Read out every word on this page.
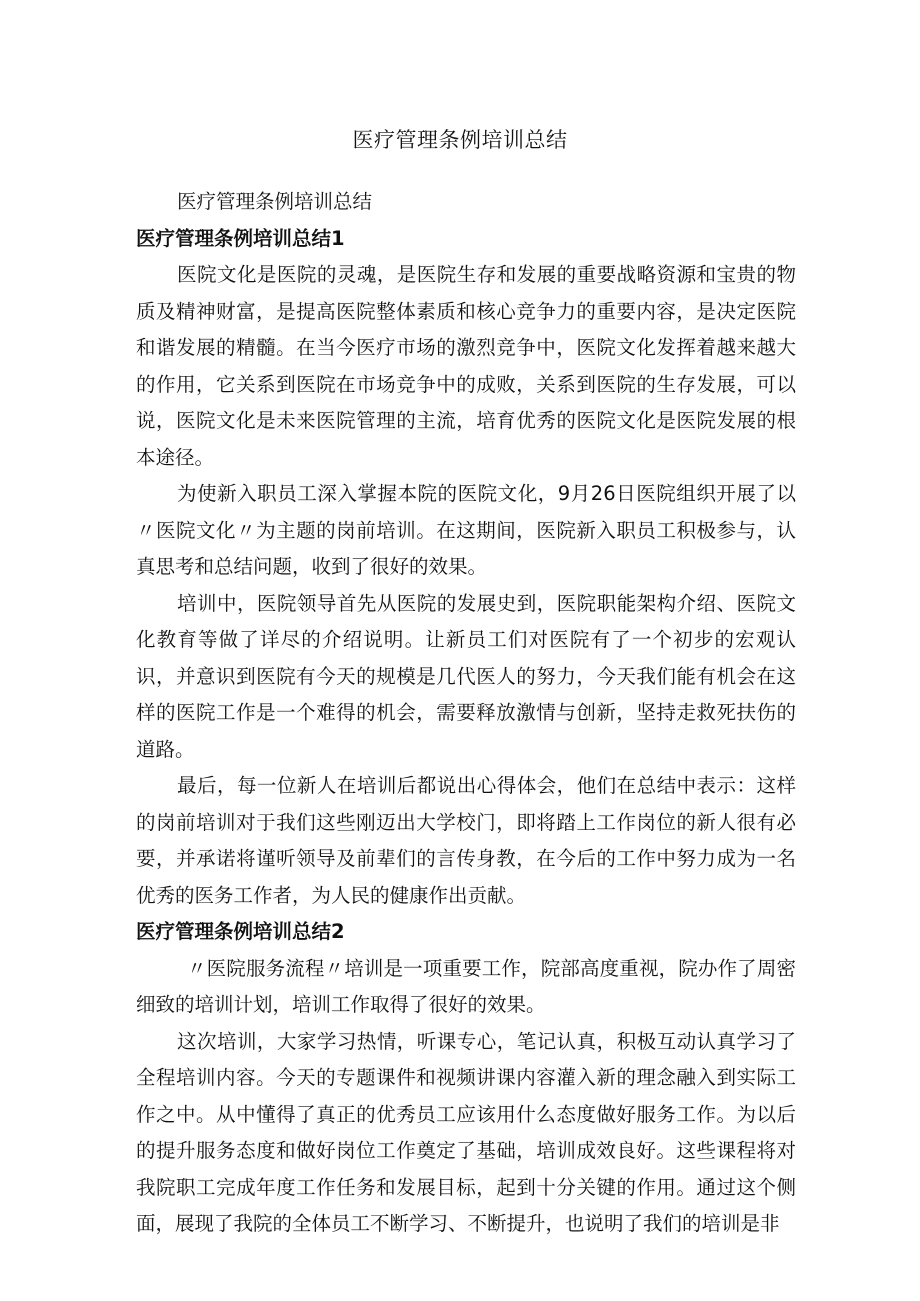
医疗管理条例培训总结

医疗管理条例培训总结

医疗管理条例培训总结1

医院文化是医院的灵魂，是医院生存和发展的重要战略资源和宝贵的物质及精神财富，是提高医院整体素质和核心竞争力的重要内容，是决定医院和谐发展的精髓。在当今医疗市场的激烈竞争中，医院文化发挥着越来越大的作用，它关系到医院在市场竞争中的成败，关系到医院的生存发展，可以说，医院文化是未来医院管理的主流，培育优秀的医院文化是医院发展的根本途径。

为使新入职员工深入掌握本院的医院文化，9月26日医院组织开展了以〃医院文化〃为主题的岗前培训。在这期间，医院新入职员工积极参与，认真思考和总结问题，收到了很好的效果。

培训中，医院领导首先从医院的发展史到，医院职能架构介绍、医院文化教育等做了详尽的介绍说明。让新员工们对医院有了一个初步的宏观认识，并意识到医院有今天的规模是几代医人的努力，今天我们能有机会在这样的医院工作是一个难得的机会，需要释放激情与创新，坚持走救死扶伤的道路。

最后，每一位新人在培训后都说出心得体会，他们在总结中表示：这样的岗前培训对于我们这些刚迈出大学校门，即将踏上工作岗位的新人很有必要，并承诺将谨听领导及前辈们的言传身教，在今后的工作中努力成为一名优秀的医务工作者，为人民的健康作出贡献。

医疗管理条例培训总结2

〃医院服务流程〃培训是一项重要工作，院部高度重视，院办作了周密细致的培训计划，培训工作取得了很好的效果。

这次培训，大家学习热情，听课专心，笔记认真，积极互动认真学习了全程培训内容。今天的专题课件和视频讲课内容灌入新的理念融入到实际工作之中。从中懂得了真正的优秀员工应该用什么态度做好服务工作。为以后的提升服务态度和做好岗位工作奠定了基础，培训成效良好。这些课程将对我院职工完成年度工作任务和发展目标，起到十分关键的作用。通过这个侧面，展现了我院的全体员工不断学习、不断提升，也说明了我们的培训是非
